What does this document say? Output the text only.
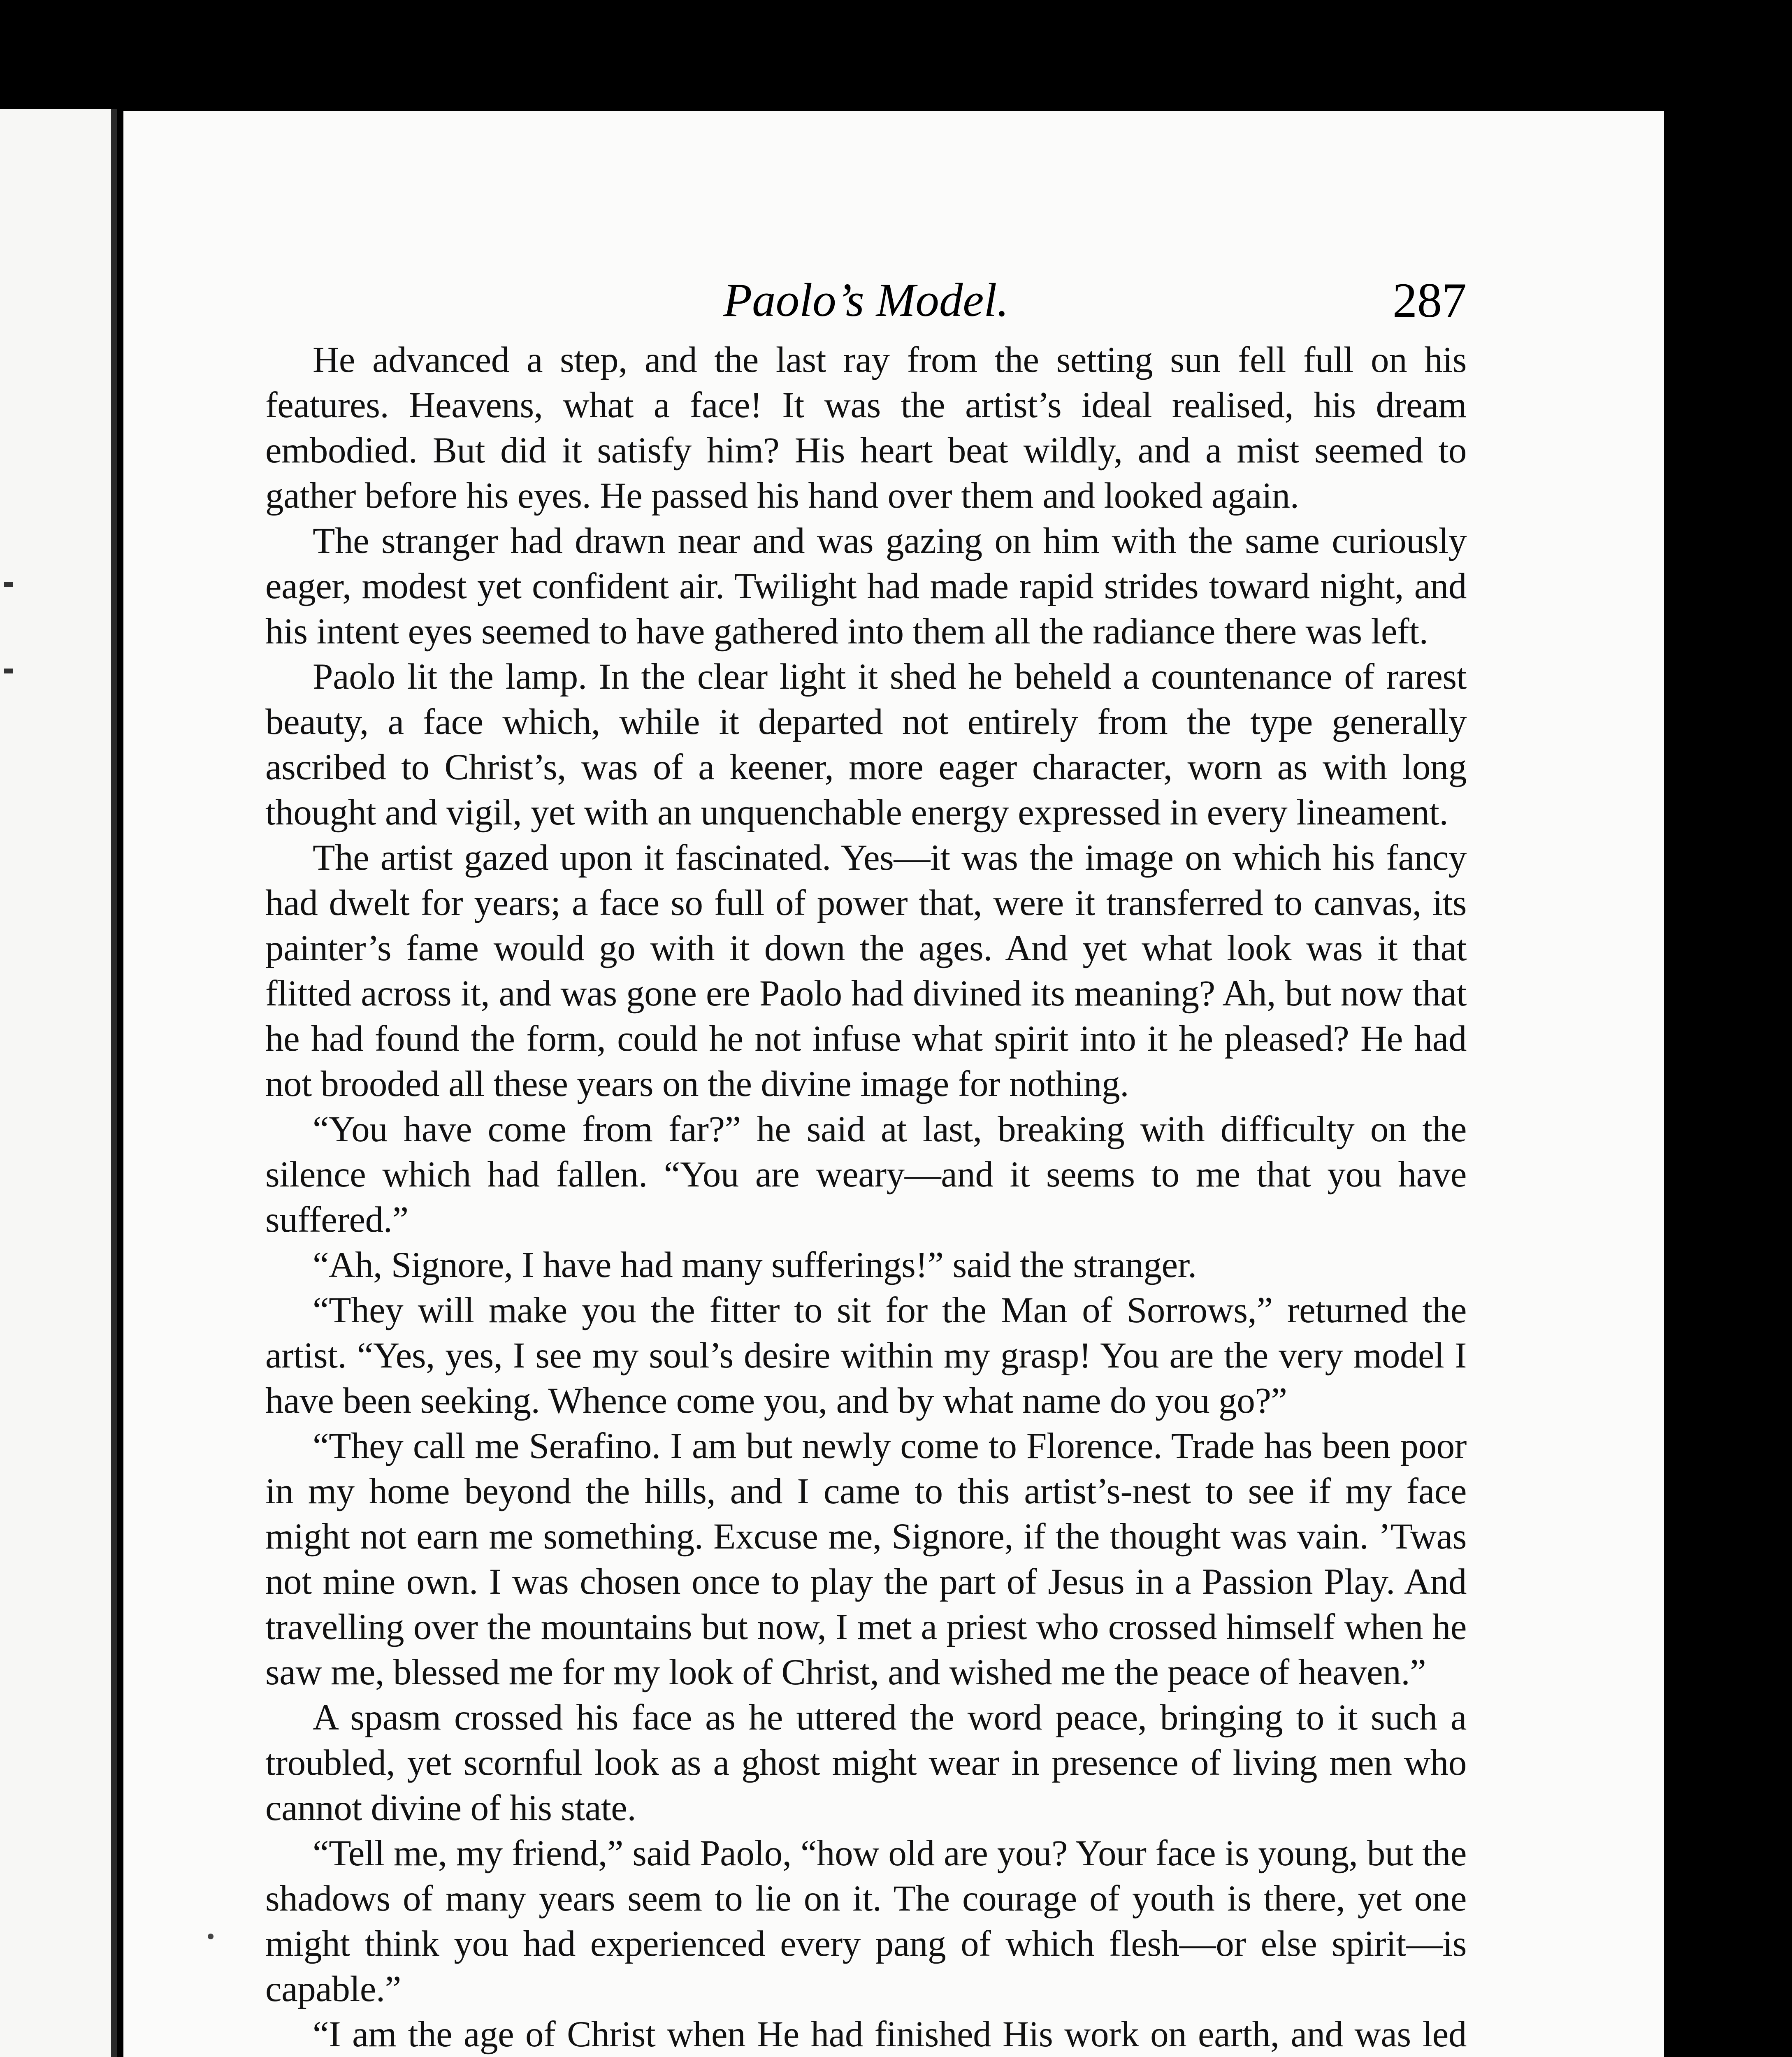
Paolo’s Model.	287

He advanced a step, and the last ray from the setting sun fell full on his features. Heavens, what a face! It was the artist’s ideal realised, his dream embodied. But did it satisfy him? His heart beat wildly, and a mist seemed to gather before his eyes. He passed his hand over them and looked again.

The stranger had drawn near and was gazing on him with the same curiously eager, modest yet confident air. Twilight had made rapid strides toward night, and his intent eyes seemed to have gathered into them all the radiance there was left.

Paolo lit the lamp. In the clear light it shed he beheld a countenance of rarest beauty, a face which, while it departed not entirely from the type generally ascribed to Christ’s, was of a keener, more eager character, worn as with long thought and vigil, yet with an unquenchable energy expressed in every lineament.

The artist gazed upon it fascinated. Yes—it was the image on which his fancy had dwelt for years; a face so full of power that, were it transferred to canvas, its painter’s fame would go with it down the ages. And yet what look was it that flitted across it, and was gone ere Paolo had divined its meaning? Ah, but now that he had found the form, could he not infuse what spirit into it he pleased? He had not brooded all these years on the divine image for nothing.

“You have come from far?” he said at last, breaking with difficulty on the silence which had fallen. “You are weary—and it seems to me that you have suffered.”

“Ah, Signore, I have had many sufferings!” said the stranger.

“They will make you the fitter to sit for the Man of Sorrows,” returned the artist. “Yes, yes, I see my soul’s desire within my grasp! You are the very model I have been seeking. Whence come you, and by what name do you go?”

“They call me Serafino. I am but newly come to Florence. Trade has been poor in my home beyond the hills, and I came to this artist’s-nest to see if my face might not earn me something. Excuse me, Signore, if the thought was vain. ’Twas not mine own. I was chosen once to play the part of Jesus in a Passion Play. And travelling over the mountains but now, I met a priest who crossed himself when he saw me, blessed me for my look of Christ, and wished me the peace of heaven.”

A spasm crossed his face as he uttered the word peace, bringing to it such a troubled, yet scornful look as a ghost might wear in presence of living men who cannot divine of his state.

“Tell me, my friend,” said Paolo, “how old are you? Your face is young, but the shadows of many years seem to lie on it. The courage of youth is there, yet one might think you had experienced every pang of which flesh—or else spirit—is capable.”

“I am the age of Christ when He had finished His work on earth, and was led
